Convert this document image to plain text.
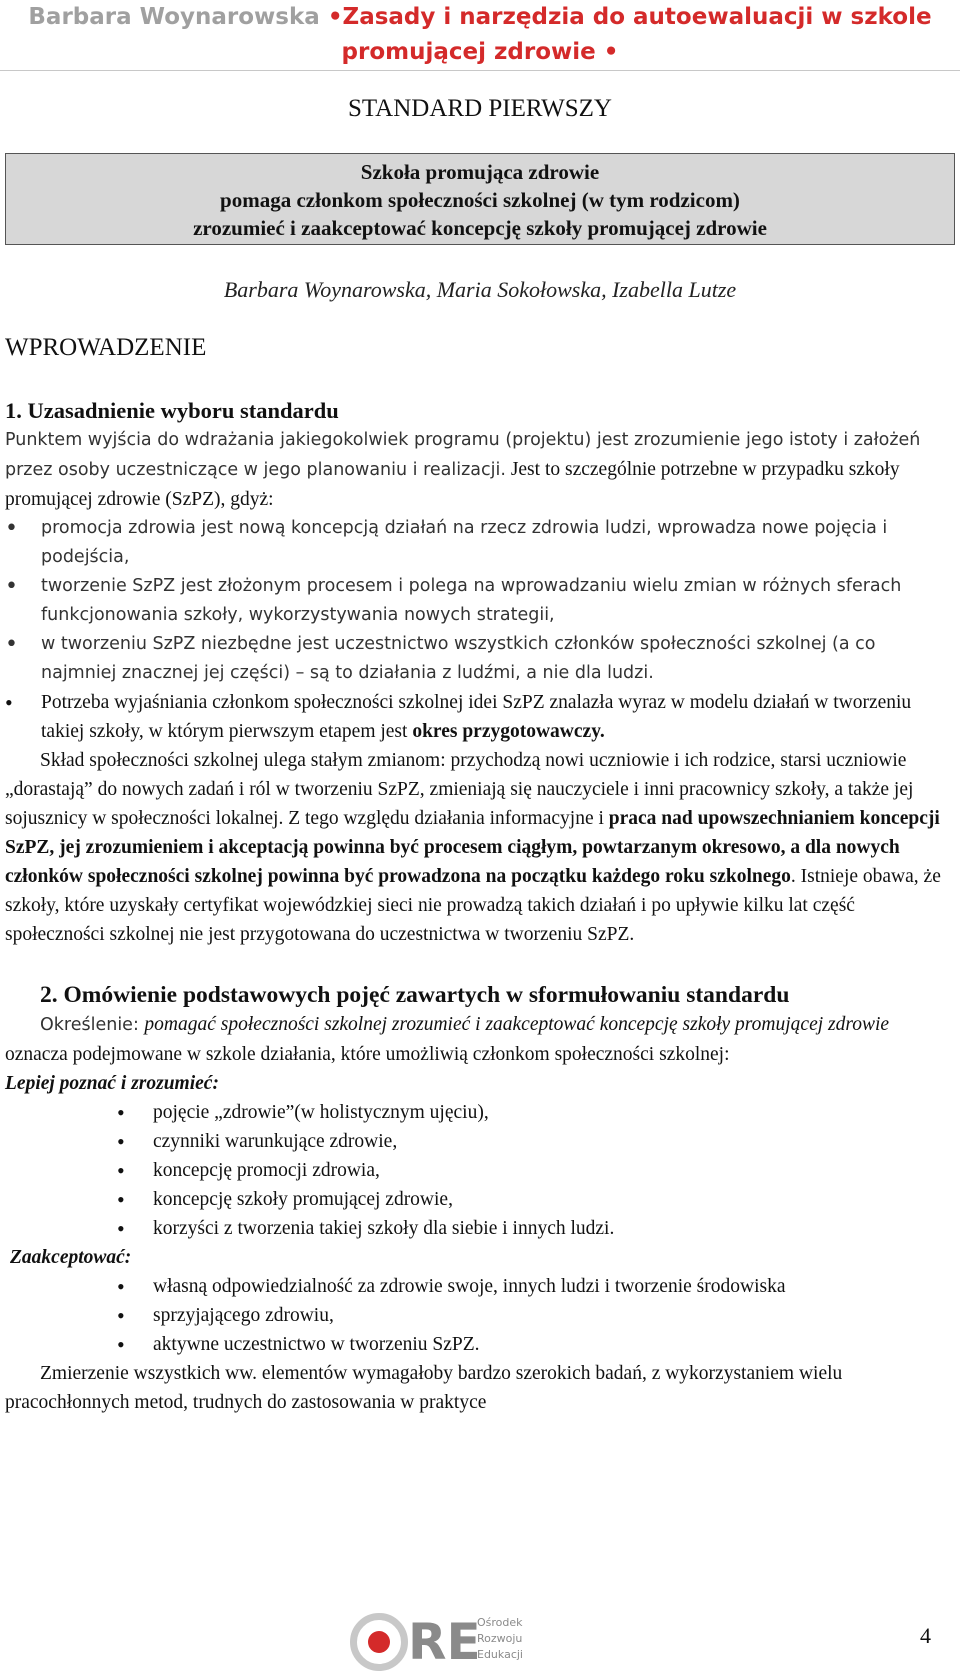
Barbara Woynarowska •Zasady i narzędzia do autoewaluacji w szkole
promującej zdrowie •
STANDARD PIERWSZY
Szkoła promująca zdrowie
pomaga członkom społeczności szkolnej (w tym rodzicom)
zrozumieć i zaakceptować koncepcję szkoły promującej zdrowie
Barbara Woynarowska, Maria Sokołowska, Izabella Lutze
WPROWADZENIE

1. Uzasadnienie wyboru standardu

Punktem wyjścia do wdrażania jakiegokolwiek programu (projektu) jest zrozumienie jego istoty i założeń przez osoby uczestniczące w jego planowaniu i realizacji. Jest to szczególnie potrzebne w przypadku szkoły promującej zdrowie (SzPZ), gdyż:

• promocja zdrowia jest nową koncepcją działań na rzecz zdrowia ludzi, wprowadza nowe pojęcia i podejścia,
• tworzenie SzPZ jest złożonym procesem i polega na wprowadzaniu wielu zmian w różnych sferach funkcjonowania szkoły, wykorzystywania nowych strategii,
• w tworzeniu SzPZ niezbędne jest uczestnictwo wszystkich członków społeczności szkolnej (a co najmniej znacznej jej części) – są to działania z ludźmi, a nie dla ludzi.
• Potrzeba wyjaśniania członkom społeczności szkolnej idei SzPZ znalazła wyraz w modelu działań w tworzeniu takiej szkoły, w którym pierwszym etapem jest okres przygotowawczy.

Skład społeczności szkolnej ulega stałym zmianom: przychodzą nowi uczniowie i ich rodzice, starsi uczniowie „dorastają” do nowych zadań i ról w tworzeniu SzPZ, zmieniają się nauczyciele i inni pracownicy szkoły, a także jej sojusznicy w społeczności lokalnej. Z tego względu działania informacyjne i praca nad upowszechnianiem koncepcji SzPZ, jej zrozumieniem i akceptacją powinna być procesem ciągłym, powtarzanym okresowo, a dla nowych członków społeczności szkolnej powinna być prowadzona na początku każdego roku szkolnego. Istnieje obawa, że szkoły, które uzyskały certyfikat wojewódzkiej sieci nie prowadzą takich działań i po upływie kilku lat część społeczności szkolnej nie jest przygotowana do uczestnictwa w tworzeniu SzPZ.

2. Omówienie podstawowych pojęć zawartych w sformułowaniu standardu

Określenie: pomagać społeczności szkolnej zrozumieć i zaakceptować koncepcję szkoły promującej zdrowie oznacza podejmowane w szkole działania, które umożliwią członkom społeczności szkolnej:

Lepiej poznać i zrozumieć:

• pojęcie „zdrowie”(w holistycznym ujęciu),
• czynniki warunkujące zdrowie,
• koncepcję promocji zdrowia,
• koncepcję szkoły promującej zdrowie,
• korzyści z tworzenia takiej szkoły dla siebie i innych ludzi.

Zaakceptować:

• własną odpowiedzialność za zdrowie swoje, innych ludzi i tworzenie środowiska
• sprzyjającego zdrowiu,
• aktywne uczestnictwo w tworzeniu SzPZ.

Zmierzenie wszystkich ww. elementów wymagałoby bardzo szerokich badań, z wykorzystaniem wielu pracochłonnych metod, trudnych do zastosowania w praktyce

RE
Ośrodek
Rozwoju
Edukacji
4
